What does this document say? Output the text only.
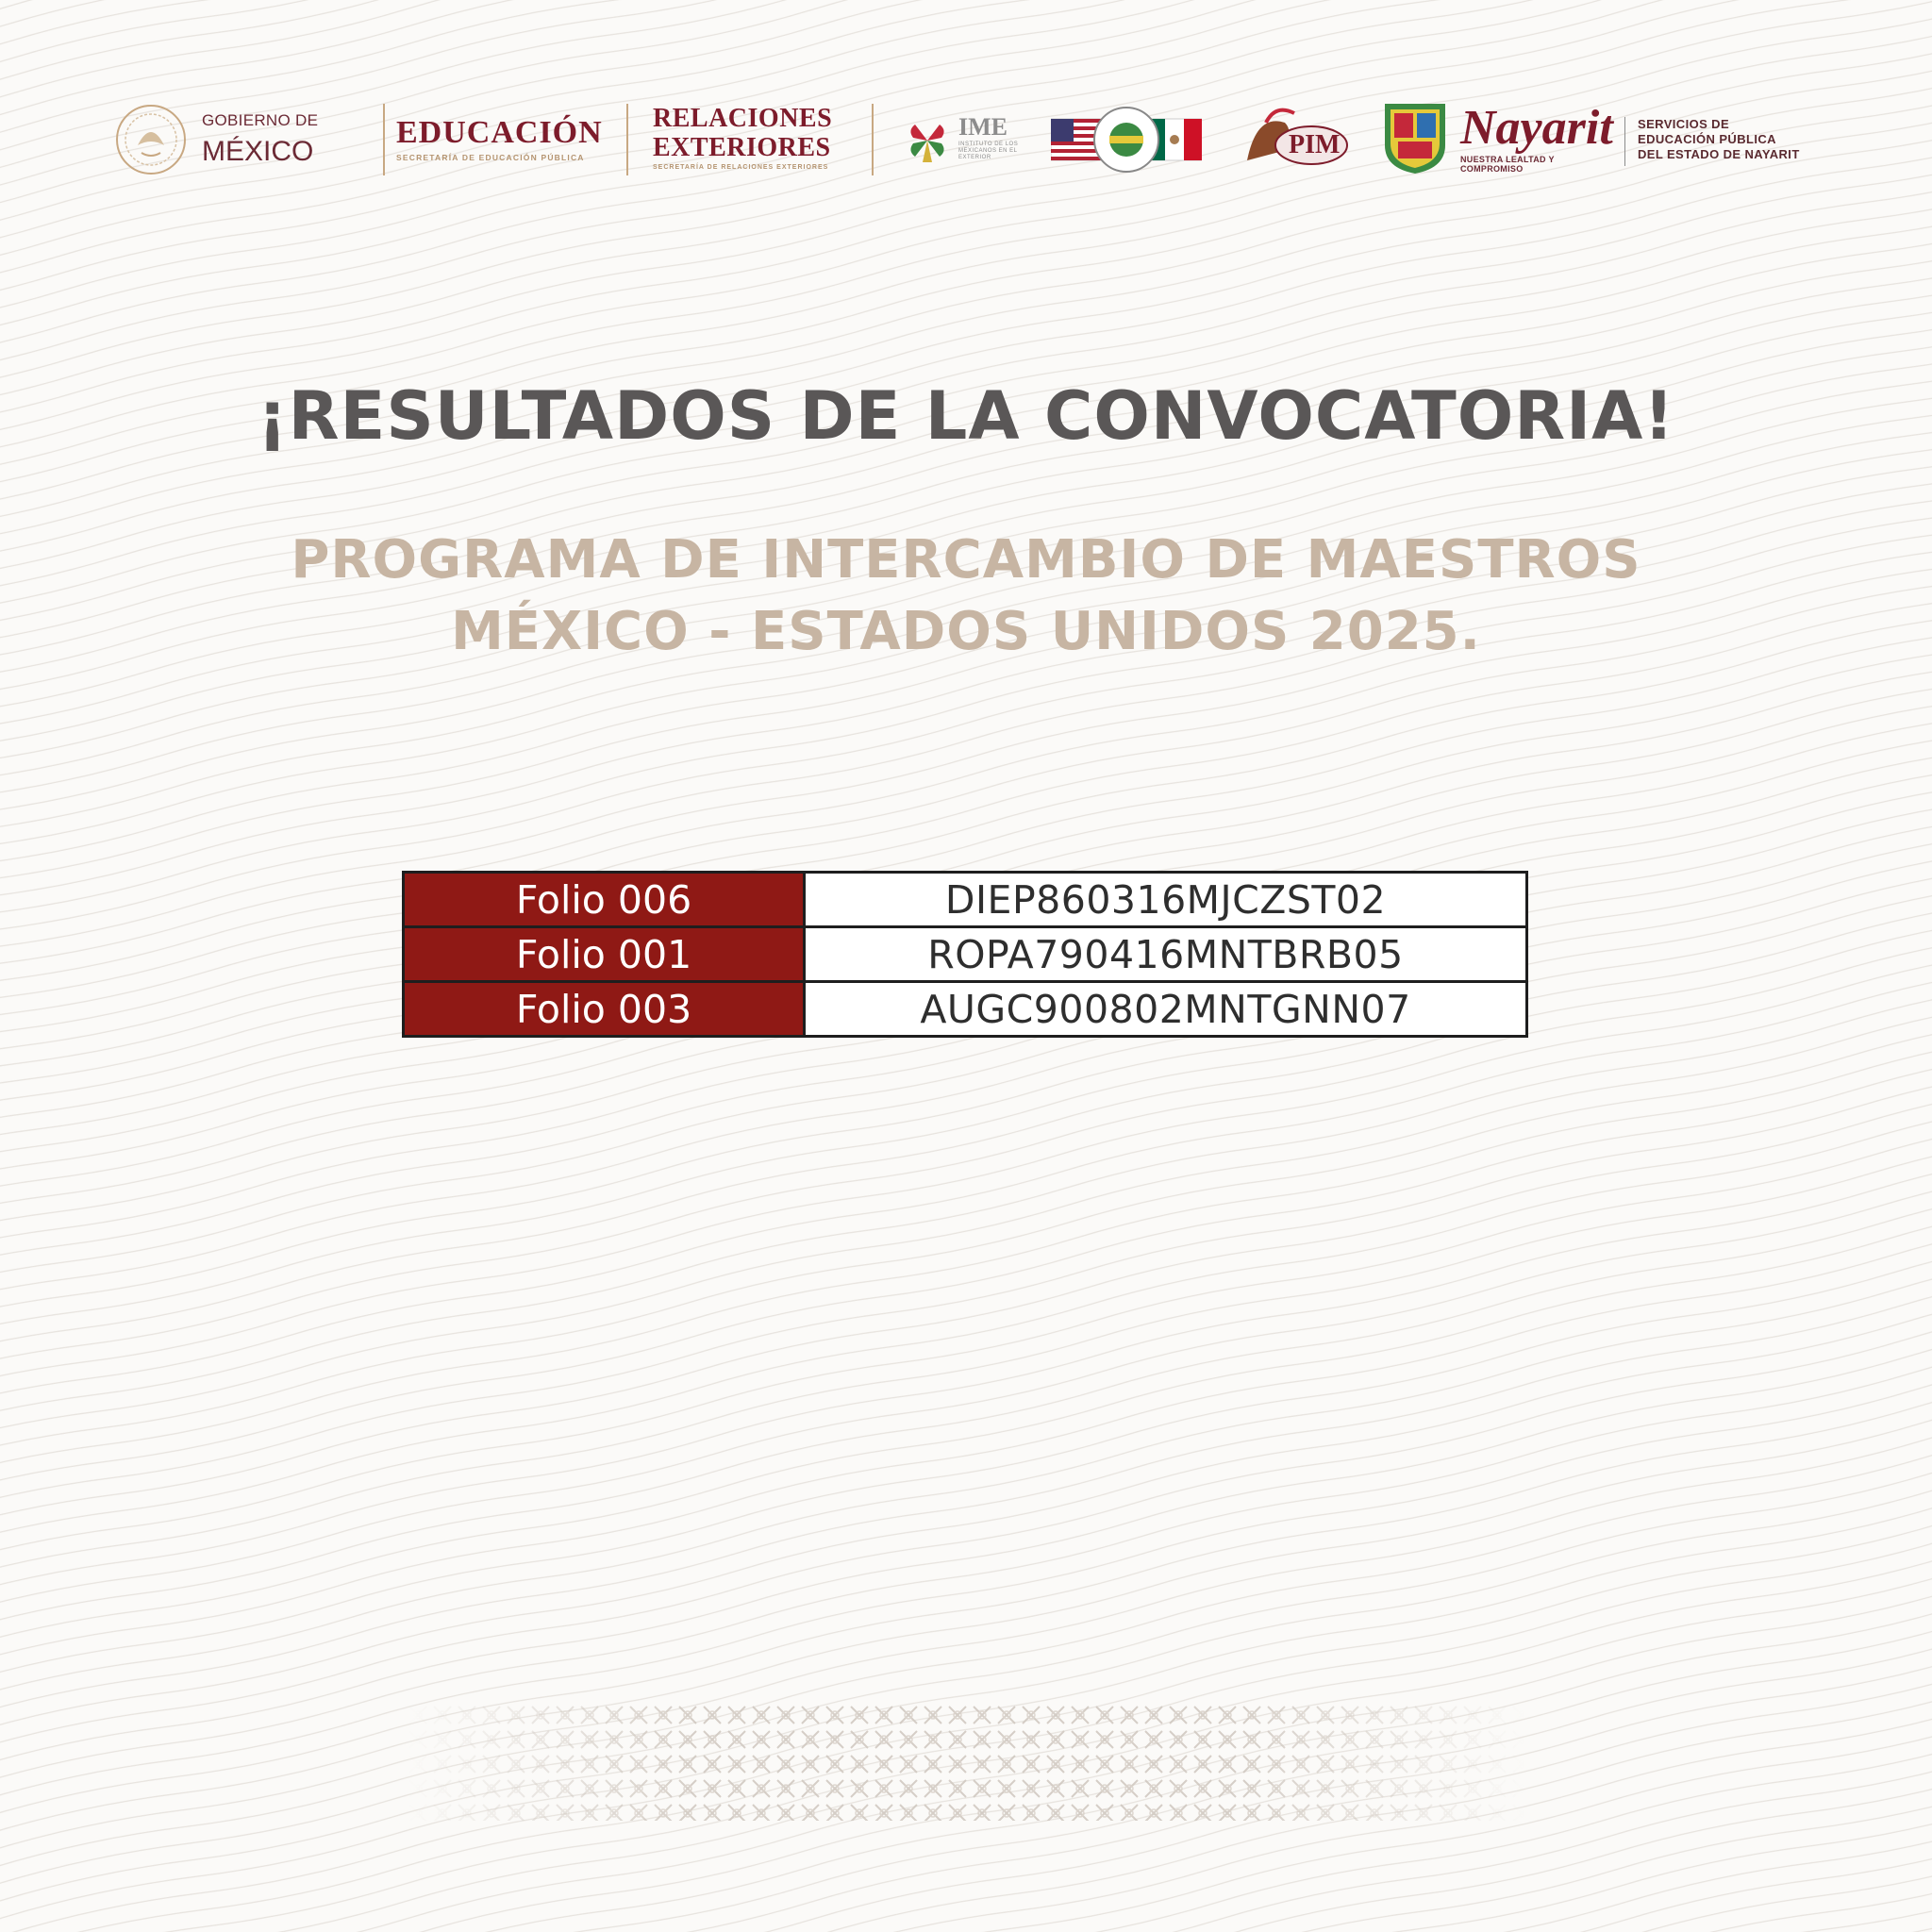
GOBIERNO DE
MÉXICO
EDUCACIÓN
SECRETARÍA DE EDUCACIÓN PÚBLICA
RELACIONES
EXTERIORES
SECRETARÍA DE RELACIONES EXTERIORES
IME
INSTITUTO DE LOS MEXICANOS EN EL EXTERIOR	PIM Nayarit
NUESTRA LEALTAD Y COMPROMISO
SERVICIOS DE
EDUCACIÓN PÚBLICA
DEL ESTADO DE NAYARIT
¡RESULTADOS DE LA CONVOCATORIA!
PROGRAMA DE INTERCAMBIO DE MAESTROS
MÉXICO - ESTADOS UNIDOS 2025.
Folio 006	DIEP860316MJCZST02
Folio 001	ROPA790416MNTBRB05
Folio 003	AUGC900802MNTGNN07
